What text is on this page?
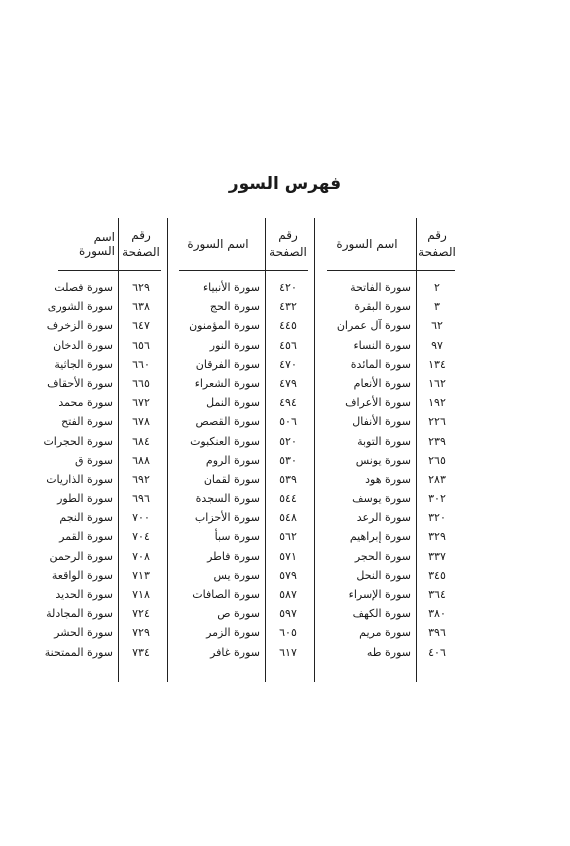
فهرس السور
رقم
الصفحة
اسم السورة
٢
سورة الفاتحة
٣
سورة البقرة
٦٢
سورة آل عمران
٩٧
سورة النساء
١٣٤
سورة المائدة
١٦٢
سورة الأنعام
١٩٢
سورة الأعراف
٢٢٦
سورة الأنفال
٢٣٩
سورة التوبة
٢٦٥
سورة يونس
٢٨٣
سورة هود
٣٠٢
سورة يوسف
٣٢٠
سورة الرعد
٣٢٩
سورة إبراهيم
٣٣٧
سورة الحجر
٣٤٥
سورة النحل
٣٦٤
سورة الإسراء
٣٨٠
سورة الكهف
٣٩٦
سورة مريم
٤٠٦
سورة طه
رقم
الصفحة
اسم السورة
٤٢٠
سورة الأنبياء
٤٣٢
سورة الحج
٤٤٥
سورة المؤمنون
٤٥٦
سورة النور
٤٧٠
سورة الفرقان
٤٧٩
سورة الشعراء
٤٩٤
سورة النمل
٥٠٦
سورة القصص
٥٢٠
سورة العنكبوت
٥٣٠
سورة الروم
٥٣٩
سورة لقمان
٥٤٤
سورة السجدة
٥٤٨
سورة الأحزاب
٥٦٢
سورة سبأ
٥٧١
سورة فاطر
٥٧٩
سورة يس
٥٨٧
سورة الصافات
٥٩٧
سورة ص
٦٠٥
سورة الزمر
٦١٧
سورة غافر
رقم
الصفحة
اسم السورة
٦٢٩
سورة فصلت
٦٣٨
سورة الشورى
٦٤٧
سورة الزخرف
٦٥٦
سورة الدخان
٦٦٠
سورة الجاثية
٦٦٥
سورة الأحقاف
٦٧٢
سورة محمد
٦٧٨
سورة الفتح
٦٨٤
سورة الحجرات
٦٨٨
سورة ق
٦٩٢
سورة الذاريات
٦٩٦
سورة الطور
٧٠٠
سورة النجم
٧٠٤
سورة القمر
٧٠٨
سورة الرحمن
٧١٣
سورة الواقعة
٧١٨
سورة الحديد
٧٢٤
سورة المجادلة
٧٢٩
سورة الحشر
٧٣٤
سورة الممتحنة
